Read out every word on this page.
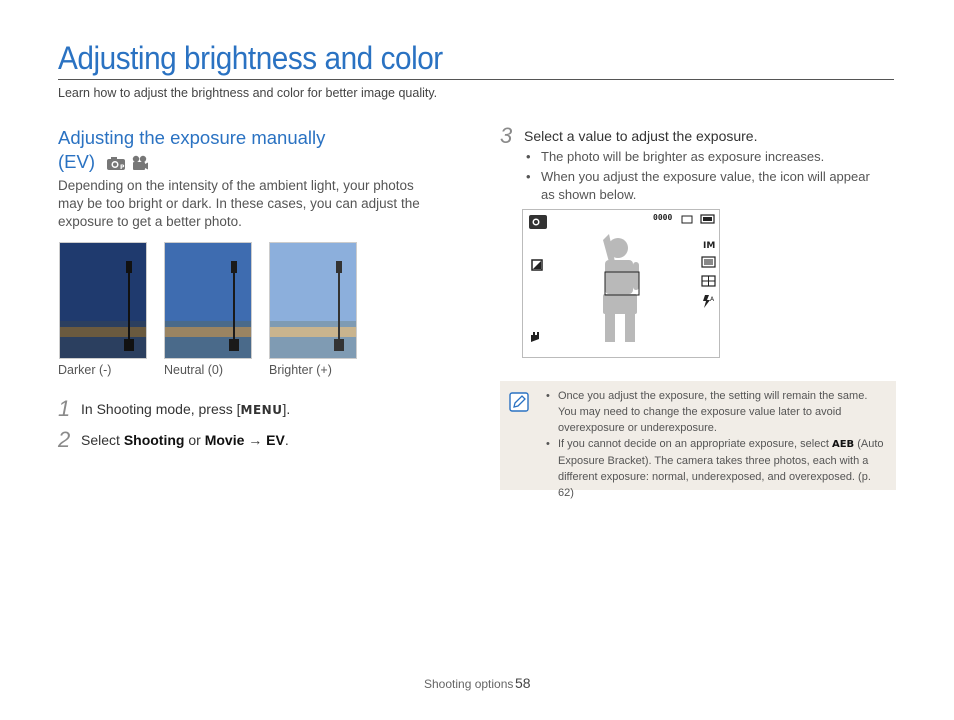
Adjusting brightness and color
Learn how to adjust the brightness and color for better image quality.
Adjusting the exposure manually
(EV)	P
Depending on the intensity of the ambient light, your photos may be too bright or dark. In these cases, you can adjust the exposure to get a better photo.
Darker (-)	Neutral (0)	Brighter (+)
1 In Shooting mode, press [MENU].
2 Select Shooting or Movie → EV.
3 Select a value to adjust the exposure.
• The photo will be brighter as exposure increases.
• When you adjust the exposure value, the icon will appear as shown below.
IM
A
0000
• Once you adjust the exposure, the setting will remain the same. You may need to change the exposure value later to avoid overexposure or underexposure.
• If you cannot decide on an appropriate exposure, select AEB (Auto Exposure Bracket). The camera takes three photos, each with a different exposure: normal, underexposed, and overexposed. (p. 62)
Shooting options 58
